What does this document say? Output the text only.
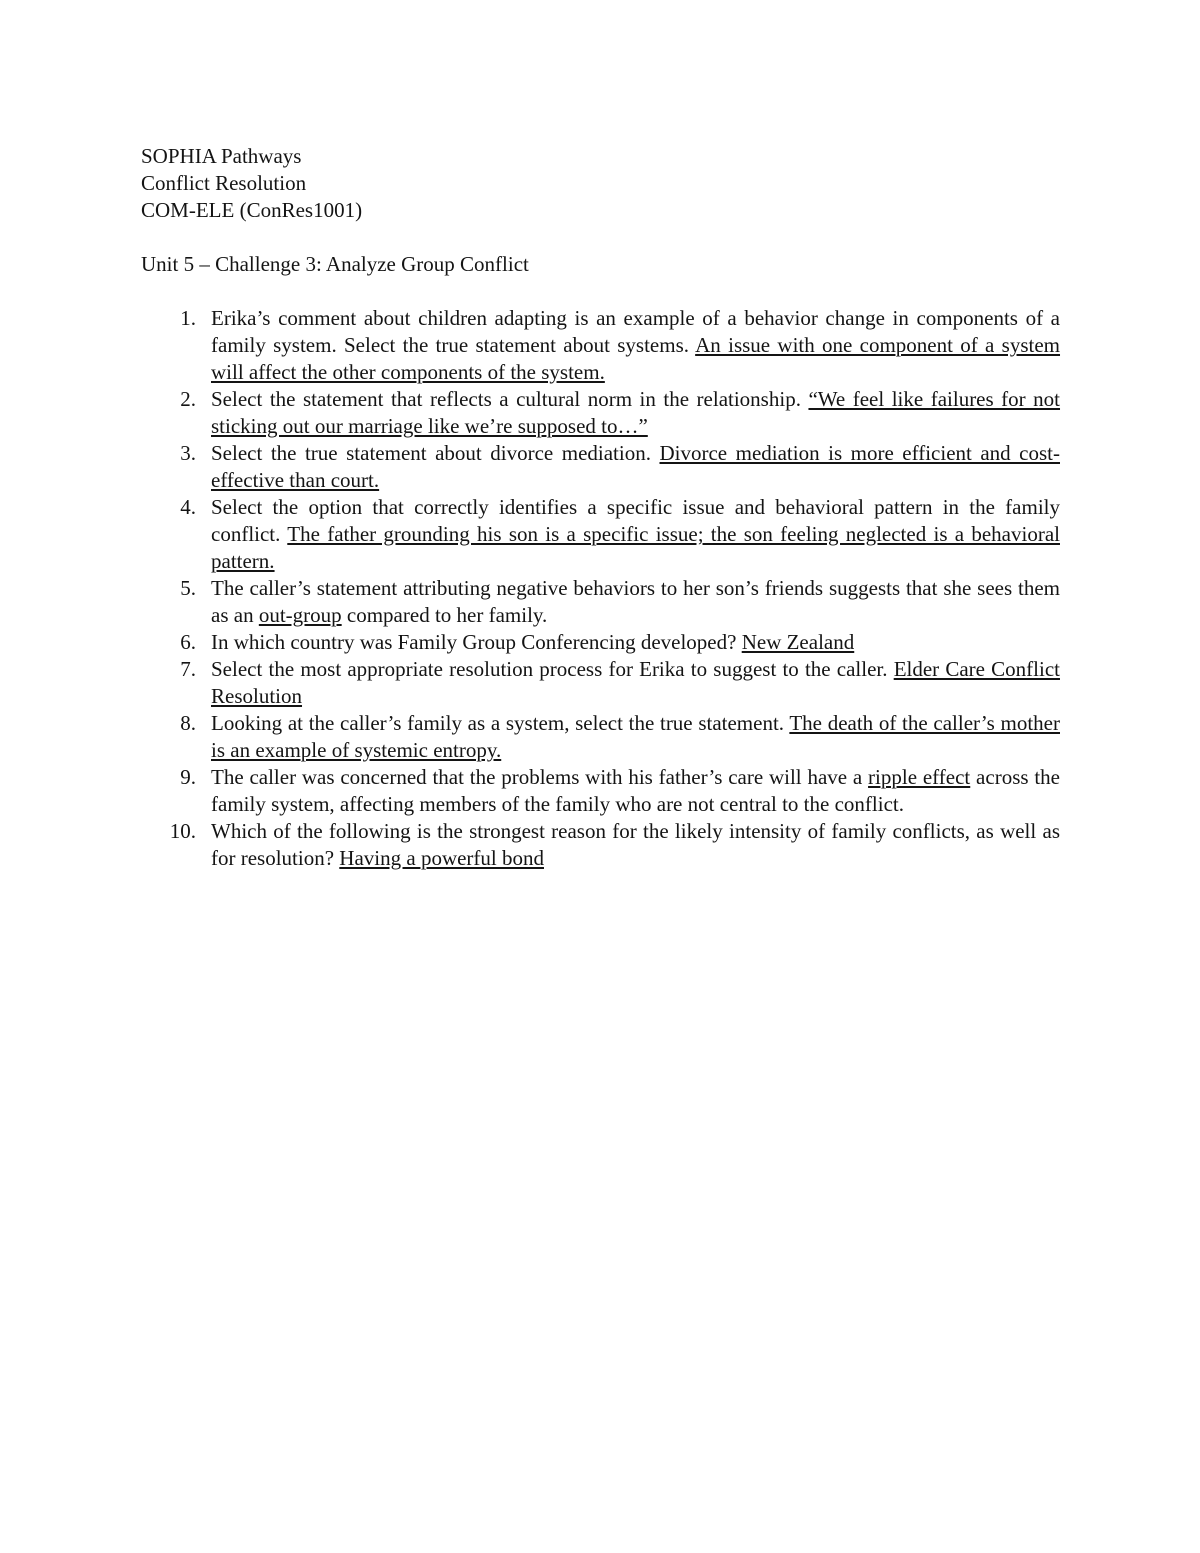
SOPHIA Pathways
Conflict Resolution
COM-ELE (ConRes1001)
Unit 5 – Challenge 3: Analyze Group Conflict
1. Erika’s comment about children adapting is an example of a behavior change in components of a family system. Select the true statement about systems. An issue with one component of a system will affect the other components of the system.
2. Select the statement that reflects a cultural norm in the relationship. “We feel like failures for not sticking out our marriage like we’re supposed to…”
3. Select the true statement about divorce mediation. Divorce mediation is more efficient and cost-effective than court.
4. Select the option that correctly identifies a specific issue and behavioral pattern in the family conflict. The father grounding his son is a specific issue; the son feeling neglected is a behavioral pattern.
5. The caller’s statement attributing negative behaviors to her son’s friends suggests that she sees them as an out-group compared to her family.
6. In which country was Family Group Conferencing developed? New Zealand
7. Select the most appropriate resolution process for Erika to suggest to the caller. Elder Care Conflict Resolution
8. Looking at the caller’s family as a system, select the true statement. The death of the caller’s mother is an example of systemic entropy.
9. The caller was concerned that the problems with his father’s care will have a ripple effect across the family system, affecting members of the family who are not central to the conflict.
10. Which of the following is the strongest reason for the likely intensity of family conflicts, as well as for resolution? Having a powerful bond
